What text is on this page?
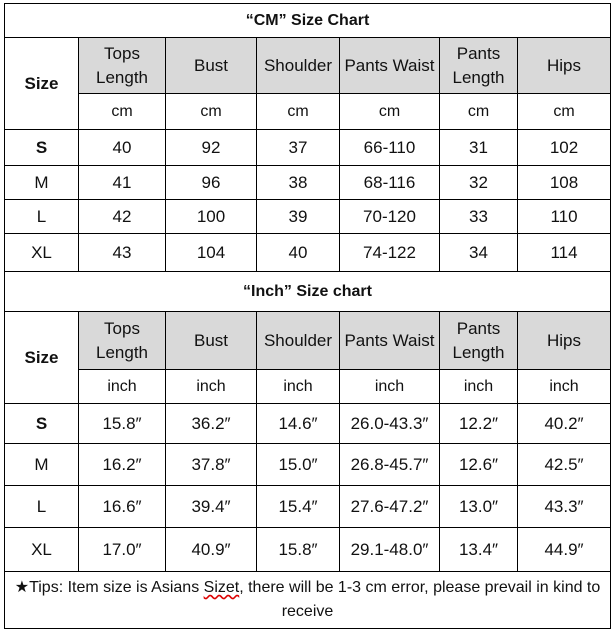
“CM” Size Chart						
Size	Tops Length	Bust	Shoulder	Pants Waist	Pants Length	Hips
	cm	cm	cm	cm	cm	cm
S	40	92	37	66-110	31	102
M	41	96	38	68-116	32	108
L	42	100	39	70-120	33	110
XL	43	104	40	74-122	34	114
“Inch” Size chart						
Size	Tops Length	Bust	Shoulder	Pants Waist	Pants Length	Hips
	inch	inch	inch	inch	inch	inch
S	15.8″	36.2″	14.6″	26.0-43.3″	12.2″	40.2″
M	16.2″	37.8″	15.0″	26.8-45.7″	12.6″	42.5″
L	16.6″	39.4″	15.4″	27.6-47.2″	13.0″	43.3″
XL	17.0″	40.9″	15.8″	29.1-48.0″	13.4″	44.9″
★Tips: Item size is Asians Sizet, there will be 1-3 cm error, please prevail in kind to receive						
